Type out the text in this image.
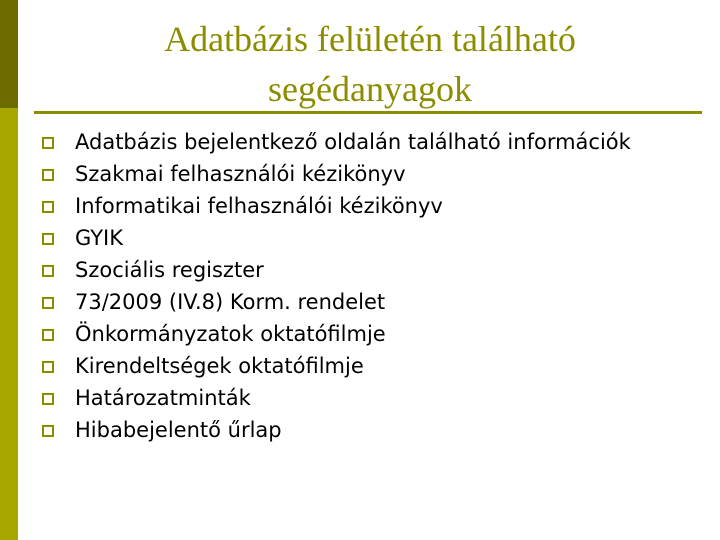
Adatbázis felületén található
segédanyagok
Adatbázis bejelentkező oldalán található információk
Szakmai felhasználói kézikönyv
Informatikai felhasználói kézikönyv
GYIK
Szociális regiszter
73/2009 (IV.8) Korm. rendelet
Önkormányzatok oktatófilmje
Kirendeltségek oktatófilmje
Határozatminták
Hibabejelentő űrlap
